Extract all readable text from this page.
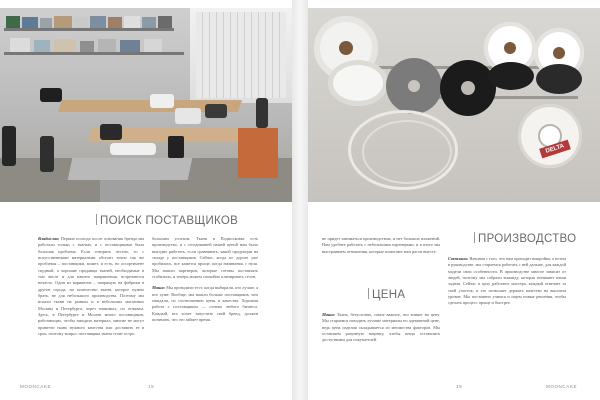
ПОИСК ПОСТАВЩИКОВ

Владислав: Первые полгода после основания бренда мы работали только с тканью, и с поставщиками была большая проблема. Если говорить честно, то с искусственными материалами обстоит точно так же проблемы – поставщики, может, и есть, но ассортимент скудный, а хорошие продавцы тканей, необходимые в том числе и для нашего направления, встречаются нечасто. Один из вариантов – напрямую на фабрики в другие города, но количество ткани, которое нужно брать, не для небольшого производства. Поэтому мы искали ткани на рынках и в небольших магазинах Москвы и Петербурга, через знакомых, по отзывам. Здесь, в Петербурге и Москве много поставщиков, работающих, чтобы заводить материал, многие не могут привезти ткань нужного качества или доставить ее в срок, поэтому вопрос поставщика ткани стоит остро.

большим успехом. Ткани в Подмосковье есть производство, и с сегодняшней нашей ценой нам было выгодно работать, если сравнивать, какой продукции на складе у поставщиков. Сейчас, когда по дороге уже пробились, все кажется проще, когда начинаешь с нуля. Мы нашли партнеров, которые готовы поставлять стабильно, и теперь можем спокойно планировать сезон.

Маша: Мы проводили тест, когда выбирали, кто лучше, а кто хуже. Вообще, мы нашли больше поставщиков, чем ожидали, по соотношению цены и качества. Хорошая работа с поставщиком — основа любого бизнеса. Каждый, кто хочет запустить свой бренд, должен понимать, что это займет время.

MOONCAKE	18
DELTA
ПРОИЗВОДСТВО
ЦЕНА

не придет заниматься производством, и нет больших вложений. Нам удобнее работать с небольшими партнерами, и в итоге мы выстраиваем отношения, которые помогают нам расти вместе.

Маша: Ткань, безусловно, самое важное, что влияет на цену. Мы стараемся находить лучшие материалы по адекватной цене, ведь цена изделия складывается из множества факторов. Мы оставляем разумную наценку, чтобы вещи оставались доступными для покупателей.

Светлана: Начиная с того, что нам приходит выкройка, а потом в руководстве, мы стараемся работать с ней дальше, для каждой модели свои особенности. В производстве многое зависит от людей, поэтому мы собрали команду, которая понимает наши задачи. Сейчас в цеху работают мастера, каждый отвечает за свой участок, и это позволяет держать качество на высоком уровне. Мы постоянно учимся и ищем новые решения, чтобы сделать процесс проще и быстрее.

19	MOONCAKE
